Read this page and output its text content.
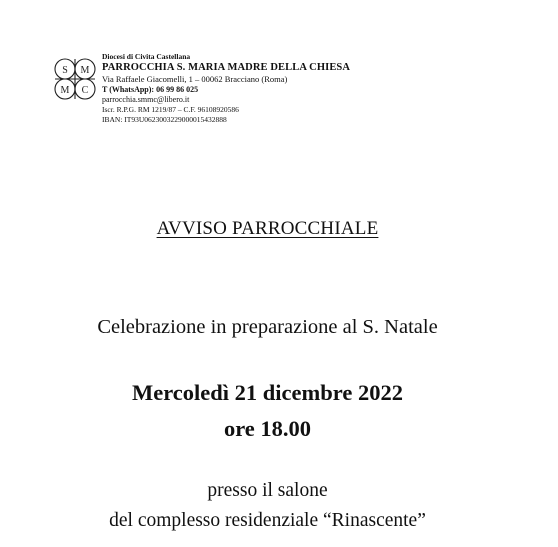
S M
M C
Diocesi di Civita Castellana
PARROCCHIA S. MARIA MADRE DELLA CHIESA
Via Raffaele Giacomelli, 1 – 00062 Bracciano (Roma)
T (WhatsApp): 06 99 86 025
parrocchia.smmc@libero.it
Iscr. R.P.G. RM 1219/87 – C.F. 96108920586
IBAN: IT93U0623003229000015432888
AVVISO PARROCCHIALE
Celebrazione in preparazione al S. Natale
Mercoledì 21 dicembre 2022
ore 18.00
presso il salone
del complesso residenziale “Rinascente”
